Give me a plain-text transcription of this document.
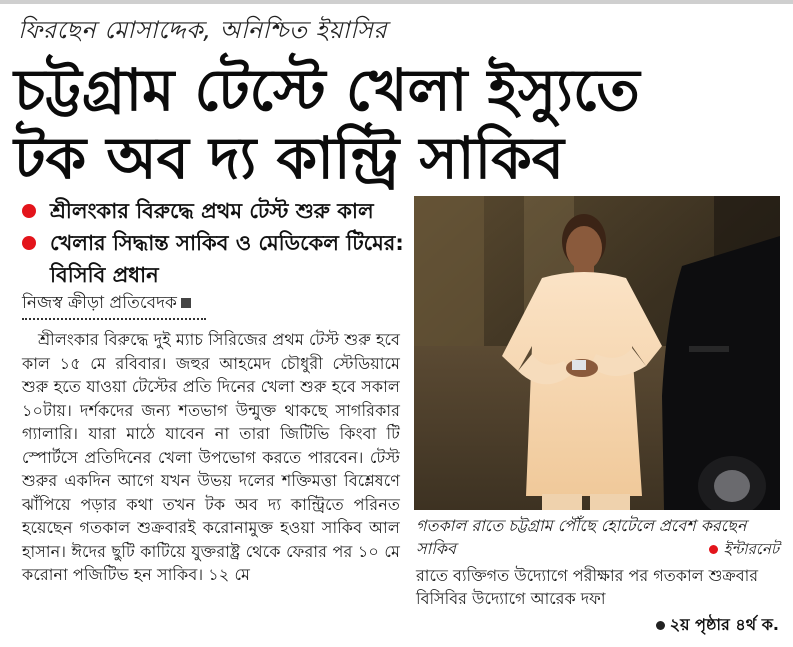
ফিরছেন মোসাদ্দেক, অনিশ্চিত ইয়াসির
চট্টগ্রাম টেস্টে খেলা ইস্যুতে
টক অব দ্য কান্ট্রি সাকিব
শ্রীলংকার বিরুদ্ধে প্রথম টেস্ট শুরু কাল
খেলার সিদ্ধান্ত সাকিব ও মেডিকেল টিমের: বিসিবি প্রধান
নিজস্ব ক্রীড়া প্রতিবেদক
শ্রীলংকার বিরুদ্ধে দুই ম্যাচ সিরিজের প্রথম টেস্ট শুরু হবে কাল ১৫ মে রবিবার। জহুর আহমেদ চৌধুরী স্টেডিয়ামে শুরু হতে যাওয়া টেস্টের প্রতি দিনের খেলা শুরু হবে সকাল ১০টায়। দর্শকদের জন্য শতভাগ উন্মুক্ত থাকছে সাগরিকার গ্যালারি। যারা মাঠে যাবেন না তারা জিটিভি কিংবা টি স্পোর্টসে প্রতিদিনের খেলা উপভোগ করতে পারবেন। টেস্ট শুরুর একদিন আগে যখন উভয় দলের শক্তিমত্তা বিশ্লেষণে ঝাঁপিয়ে পড়ার কথা তখন টক অব দ্য কান্ট্রিতে পরিনত হয়েছেন গতকাল শুক্রবারই করোনামুক্ত হওয়া সাকিব আল হাসান। ঈদের ছুটি কাটিয়ে যুক্তরাষ্ট্র থেকে ফেরার পর ১০ মে করোনা পজিটিভ হন সাকিব। ১২ মে
গতকাল রাতে চট্টগ্রাম পৌঁছে হোটেলে প্রবেশ করছেন সাকিব	ইন্টারনেট
রাতে ব্যক্তিগত উদ্যোগে পরীক্ষার পর গতকাল শুক্রবার বিসিবির উদ্যোগে আরেক দফা
২য় পৃষ্ঠার ৪র্থ ক.
